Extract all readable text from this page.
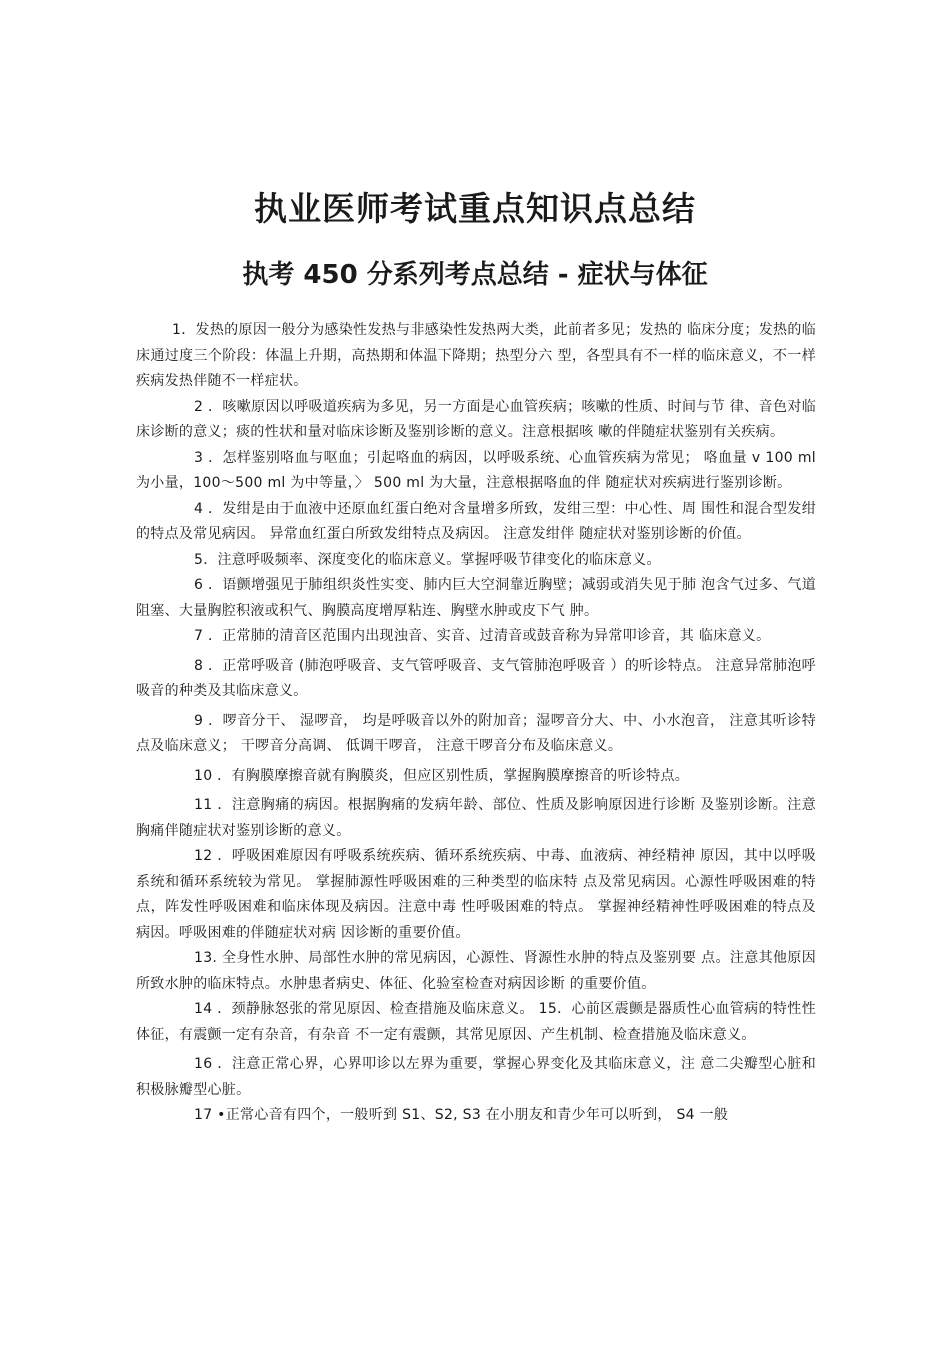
执业医师考试重点知识点总结
执考 450 分系列考点总结 - 症状与体征

1．发热的原因一般分为感染性发热与非感染性发热两大类，此前者多见；发热的 临床分度；发热的临床通过度三个阶段：体温上升期，高热期和体温下降期；热型分六 型，各型具有不一样的临床意义，不一样疾病发热伴随不一样症状。

2 ．咳嗽原因以呼吸道疾病为多见，另一方面是心血管疾病；咳嗽的性质、时间与节 律、音色对临床诊断的意义；痰的性状和量对临床诊断及鉴别诊断的意义。注意根据咳 嗽的伴随症状鉴别有关疾病。

3 ．怎样鉴别咯血与呕血；引起咯血的病因，以呼吸系统、心血管疾病为常见； 咯血量 v 100 ml 为小量，100〜500 ml 为中等量，〉 500 ml 为大量，注意根据咯血的伴 随症状对疾病进行鉴别诊断。

4 ．发绀是由于血液中还原血红蛋白绝对含量增多所致，发绀三型：中心性、周 围性和混合型发绀的特点及常见病因。 异常血红蛋白所致发绀特点及病因。 注意发绀伴 随症状对鉴别诊断的价值。

5．注意呼吸频率、深度变化的临床意义。掌握呼吸节律变化的临床意义。

6 ．语颤增强见于肺组织炎性实变、肺内巨大空洞靠近胸壁；减弱或消失见于肺 泡含气过多、气道阻塞、大量胸腔积液或积气、胸膜高度增厚粘连、胸壁水肿或皮下气 肿。

7 ．正常肺的清音区范围内出现浊音、实音、过清音或鼓音称为异常叩诊音，其 临床意义。

8 ．正常呼吸音 (肺泡呼吸音、支气管呼吸音、支气管肺泡呼吸音 ）的听诊特点。 注意异常肺泡呼吸音的种类及其临床意义。

9 ．啰音分干、 湿啰音， 均是呼吸音以外的附加音；湿啰音分大、中、小水泡音， 注意其听诊特点及临床意义； 干啰音分高调、 低调干啰音， 注意干啰音分布及临床意义。

10 ．有胸膜摩擦音就有胸膜炎，但应区别性质，掌握胸膜摩擦音的听诊特点。

11 ．注意胸痛的病因。根据胸痛的发病年龄、部位、性质及影响原因进行诊断 及鉴别诊断。注意胸痛伴随症状对鉴别诊断的意义。

12 ．呼吸困难原因有呼吸系统疾病、循环系统疾病、中毒、血液病、神经精神 原因，其中以呼吸系统和循环系统较为常见。 掌握肺源性呼吸困难的三种类型的临床特 点及常见病因。心源性呼吸困难的特点，阵发性呼吸困难和临床体现及病因。注意中毒 性呼吸困难的特点。 掌握神经精神性呼吸困难的特点及病因。呼吸困难的伴随症状对病 因诊断的重要价值。

13. 全身性水肿、局部性水肿的常见病因，心源性、肾源性水肿的特点及鉴别要 点。注意其他原因所致水肿的临床特点。水肿患者病史、体征、化验室检查对病因诊断 的重要价值。

14 ．颈静脉怒张的常见原因、检查措施及临床意义。 15．心前区震颤是器质性心血管病的特性性体征，有震颤一定有杂音，有杂音 不一定有震颤，其常见原因、产生机制、检查措施及临床意义。

16 ．注意正常心界，心界叩诊以左界为重要，掌握心界变化及其临床意义，注 意二尖瓣型心脏和积极脉瓣型心脏。

17 •正常心音有四个，一般听到 S1、S2, S3 在小朋友和青少年可以听到， S4 一般
